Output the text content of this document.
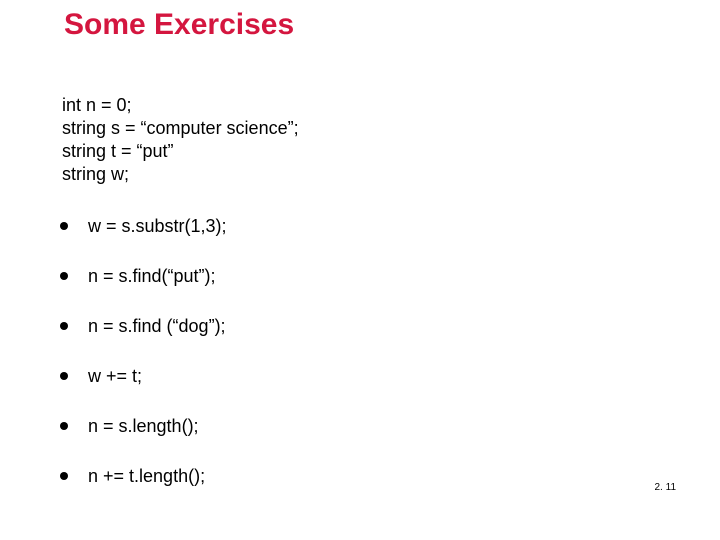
Some Exercises
int n = 0;
string s = “computer science”;
string t = “put”
string w;
w = s.substr(1,3);
n = s.find(“put”);
n = s.find (“dog”);
w += t;
n = s.length();
n += t.length();
2. 11
